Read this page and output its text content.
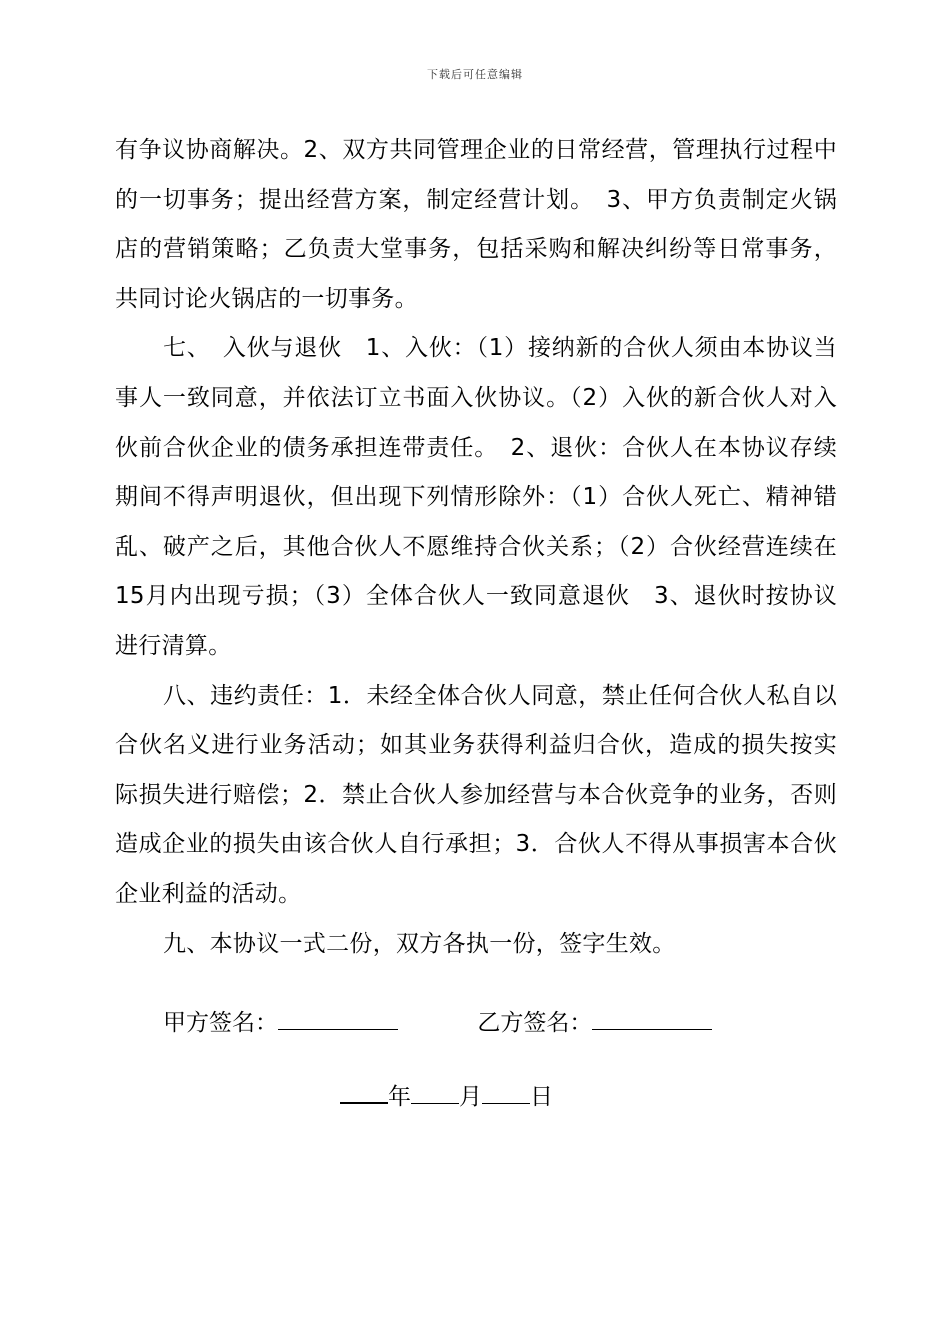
下载后可任意编辑

有争议协商解决。2、双方共同管理企业的日常经营，管理执行过程中的一切事务；提出经营方案，制定经营计划。　3、甲方负责制定火锅店的营销策略；乙负责大堂事务，包括采购和解决纠纷等日常事务，共同讨论火锅店的一切事务。

七、　入伙与退伙　1、入伙：（1）接纳新的合伙人须由本协议当事人一致同意，并依法订立书面入伙协议。（2）入伙的新合伙人对入伙前合伙企业的债务承担连带责任。　2、退伙：合伙人在本协议存续期间不得声明退伙，但出现下列情形除外：（1）合伙人死亡、精神错乱、破产之后，其他合伙人不愿维持合伙关系；（2）合伙经营连续在15月内出现亏损；（3）全体合伙人一致同意退伙　3、退伙时按协议进行清算。

八、违约责任：1．未经全体合伙人同意，禁止任何合伙人私自以合伙名义进行业务活动；如其业务获得利益归合伙，造成的损失按实际损失进行赔偿；2．禁止合伙人参加经营与本合伙竞争的业务，否则造成企业的损失由该合伙人自行承担；3．合伙人不得从事损害本合伙企业利益的活动。

九、本协议一式二份，双方各执一份，签字生效。

甲方签名：	乙方签名：
年 月 日
